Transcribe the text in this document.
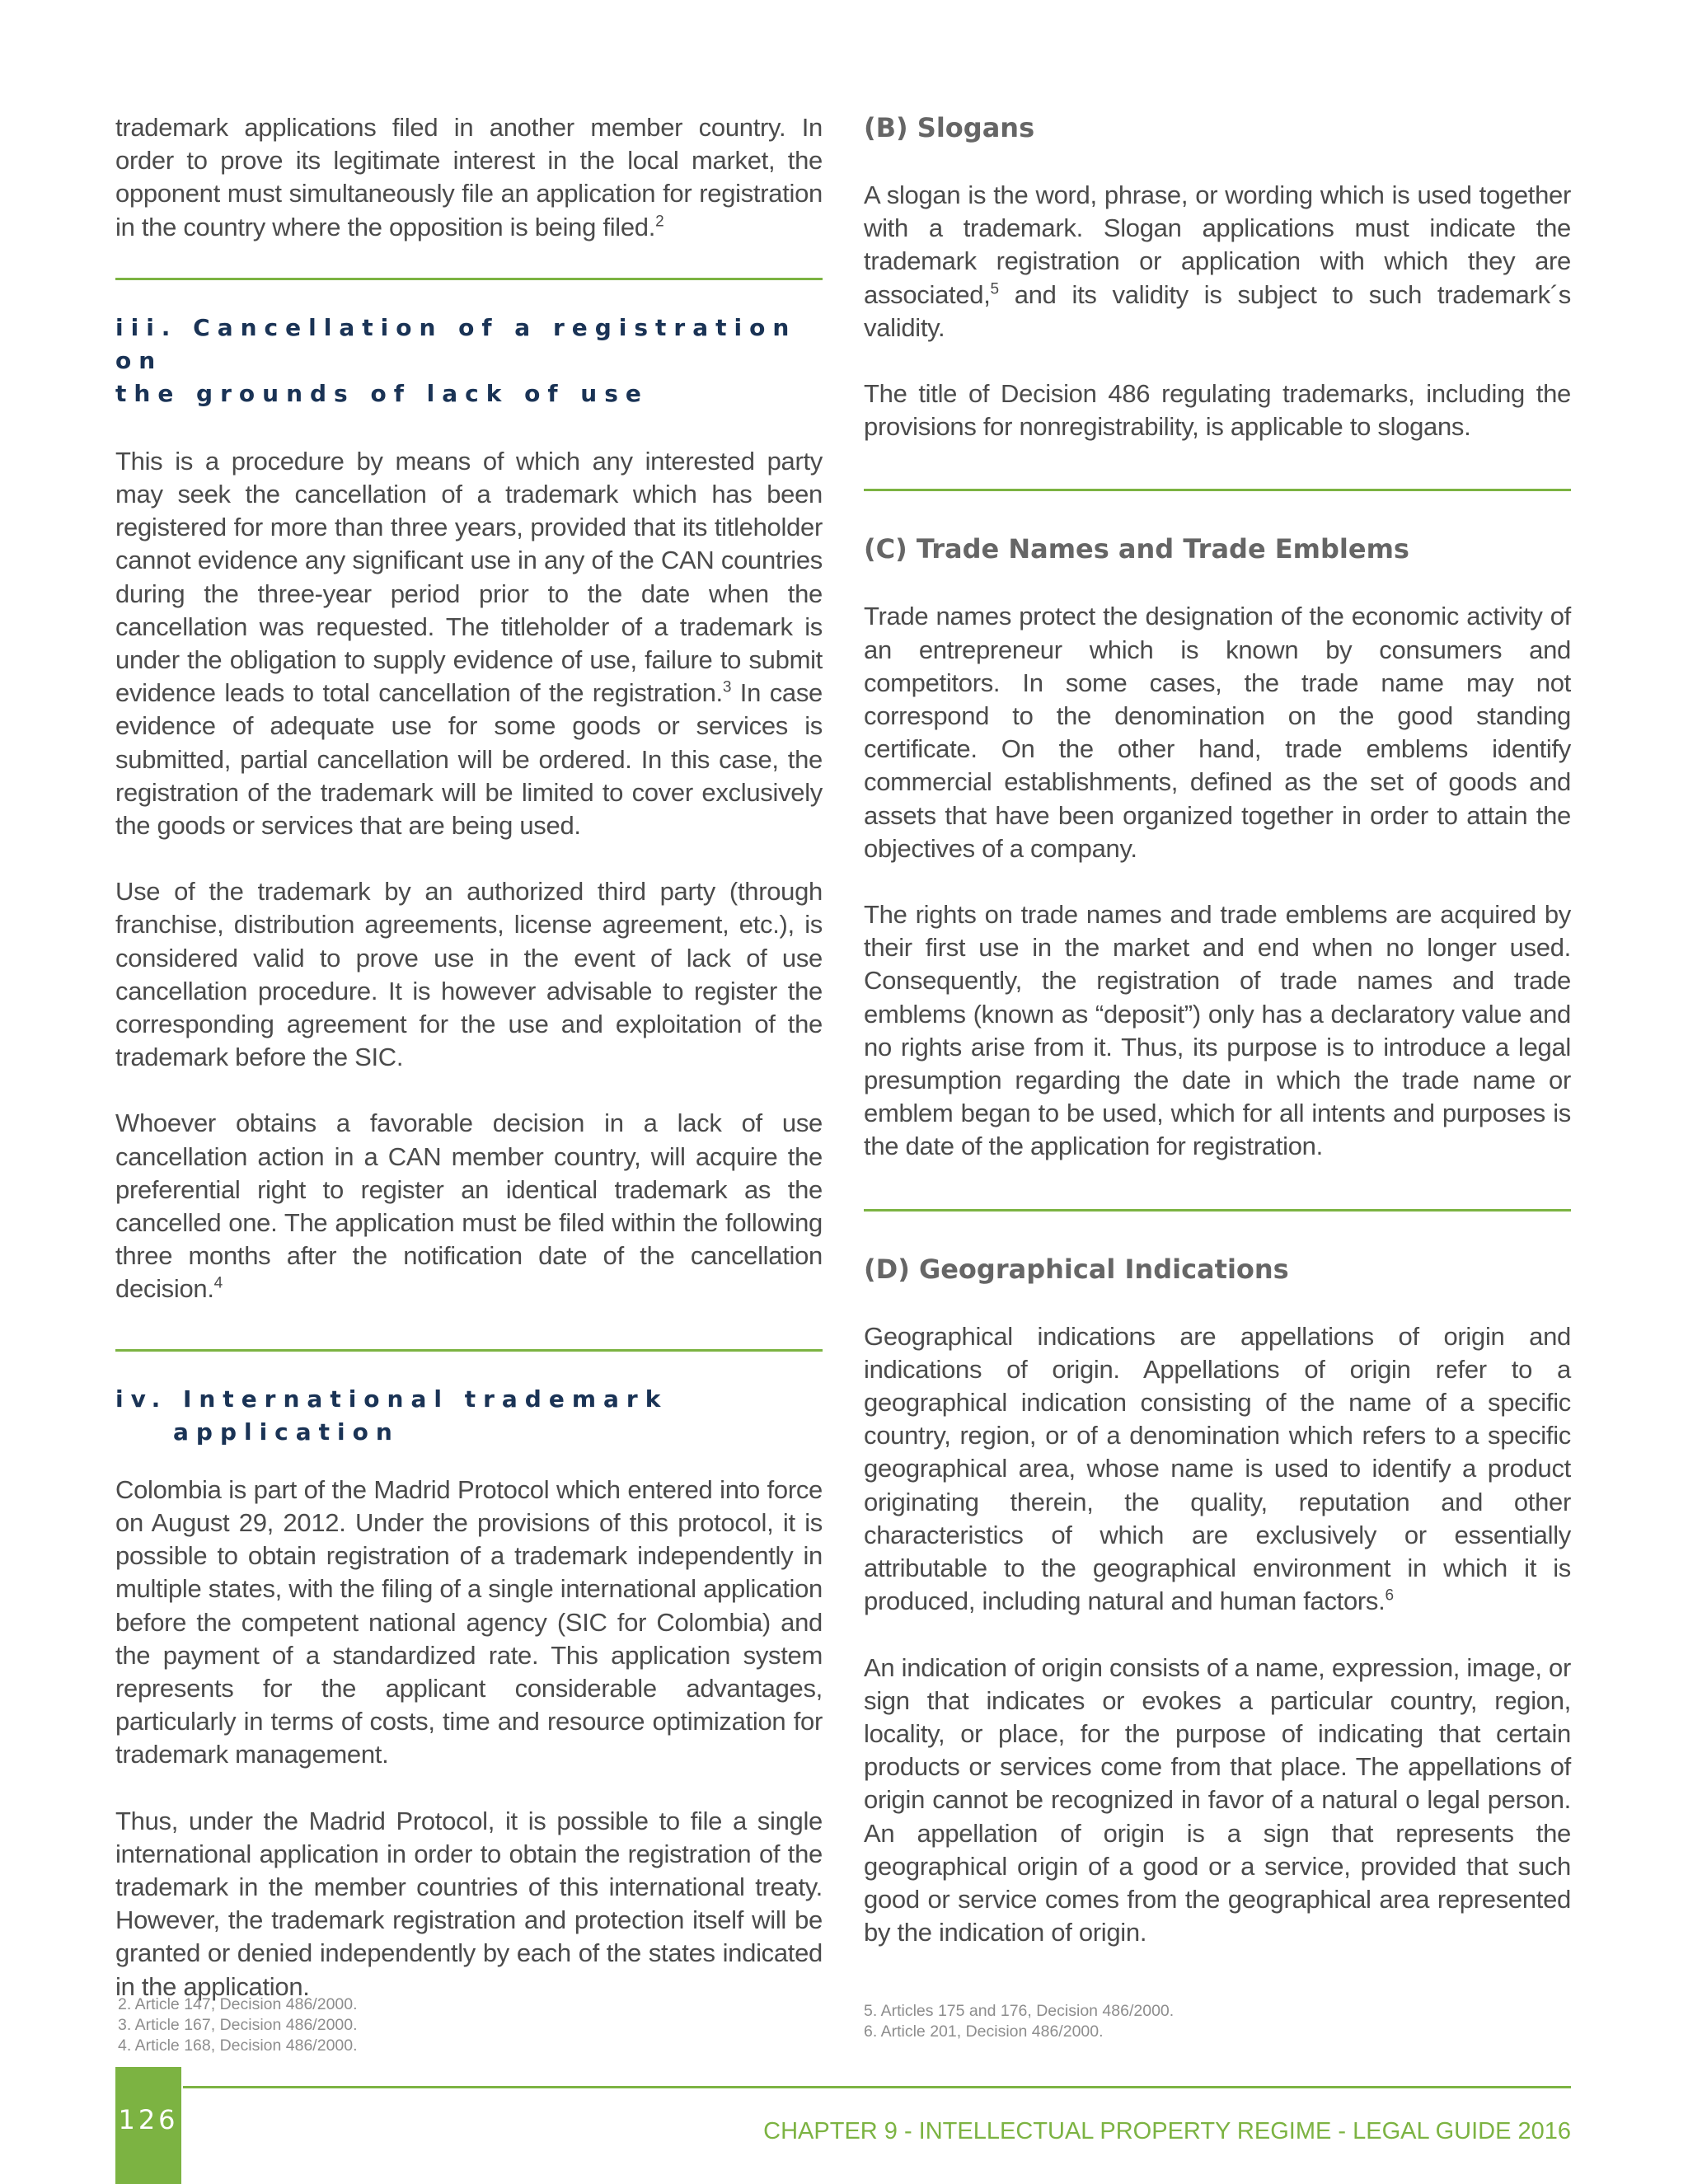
trademark applications filed in another member country. In order to prove its legitimate interest in the local market, the opponent must simultaneously file an application for registration in the country where the opposition is being filed.$^2$

iii. Cancellation of a registration on
the grounds of lack of use

This is a procedure by means of which any interested party may seek the cancellation of a trademark which has been registered for more than three years, provided that its titleholder cannot evidence any significant use in any of the CAN countries during the three-year period prior to the date when the cancellation was requested. The titleholder of a trademark is under the obligation to supply evidence of use, failure to submit evidence leads to total cancellation of the registration.$^3$ In case evidence of adequate use for some goods or services is submitted, partial cancellation will be ordered. In this case, the registration of the trademark will be limited to cover exclusively the goods or services that are being used.

Use of the trademark by an authorized third party (through franchise, distribution agreements, license agreement, etc.), is considered valid to prove use in the event of lack of use cancellation procedure. It is however advisable to register the corresponding agreement for the use and exploitation of the trademark before the SIC.

Whoever obtains a favorable decision in a lack of use cancellation action in a CAN member country, will acquire the preferential right to register an identical trademark as the cancelled one. The application must be filed within the following three months after the notification date of the cancellation decision.$^4$

iv. International trademark
application

Colombia is part of the Madrid Protocol which entered into force on August 29, 2012. Under the provisions of this protocol, it is possible to obtain registration of a trademark independently in multiple states, with the filing of a single international application before the competent national agency (SIC for Colombia) and the payment of a standardized rate. This application system represents for the applicant considerable advantages, particularly in terms of costs, time and resource optimization for trademark management.

Thus, under the Madrid Protocol, it is possible to file a single international application in order to obtain the registration of the trademark in the member countries of this international treaty. However, the trademark registration and protection itself will be granted or denied independently by each of the states indicated in the application.

2. Article 147, Decision 486/2000.
3. Article 167, Decision 486/2000.
4. Article 168, Decision 486/2000.
(B) Slogans

A slogan is the word, phrase, or wording which is used together with a trademark. Slogan applications must indicate the trademark registration or application with which they are associated,$^5$ and its validity is subject to such trademark´s validity.

The title of Decision 486 regulating trademarks, including the provisions for nonregistrability, is applicable to slogans.

(C) Trade Names and Trade Emblems

Trade names protect the designation of the economic activity of an entrepreneur which is known by consumers and competitors. In some cases, the trade name may not correspond to the denomination on the good standing certificate. On the other hand, trade emblems identify commercial establishments, defined as the set of goods and assets that have been organized together in order to attain the objectives of a company.

The rights on trade names and trade emblems are acquired by their first use in the market and end when no longer used. Consequently, the registration of trade names and trade emblems (known as “deposit”) only has a declaratory value and no rights arise from it. Thus, its purpose is to introduce a legal presumption regarding the date in which the trade name or emblem began to be used, which for all intents and purposes is the date of the application for registration.

(D) Geographical Indications

Geographical indications are appellations of origin and indications of origin. Appellations of origin refer to a geographical indication consisting of the name of a specific country, region, or of a denomination which refers to a specific geographical area, whose name is used to identify a product originating therein, the quality, reputation and other characteristics of which are exclusively or essentially attributable to the geographical environment in which it is produced, including natural and human factors.$^6$

An indication of origin consists of a name, expression, image, or sign that indicates or evokes a particular country, region, locality, or place, for the purpose of indicating that certain products or services come from that place. The appellations of origin cannot be recognized in favor of a natural o legal person. An appellation of origin is a sign that represents the geographical origin of a good or a service, provided that such good or service comes from the geographical area represented by the indication of origin.

5. Articles 175 and 176, Decision 486/2000.
6. Article 201, Decision 486/2000.
126	CHAPTER 9 - INTELLECTUAL PROPERTY REGIME - LEGAL GUIDE 2016
